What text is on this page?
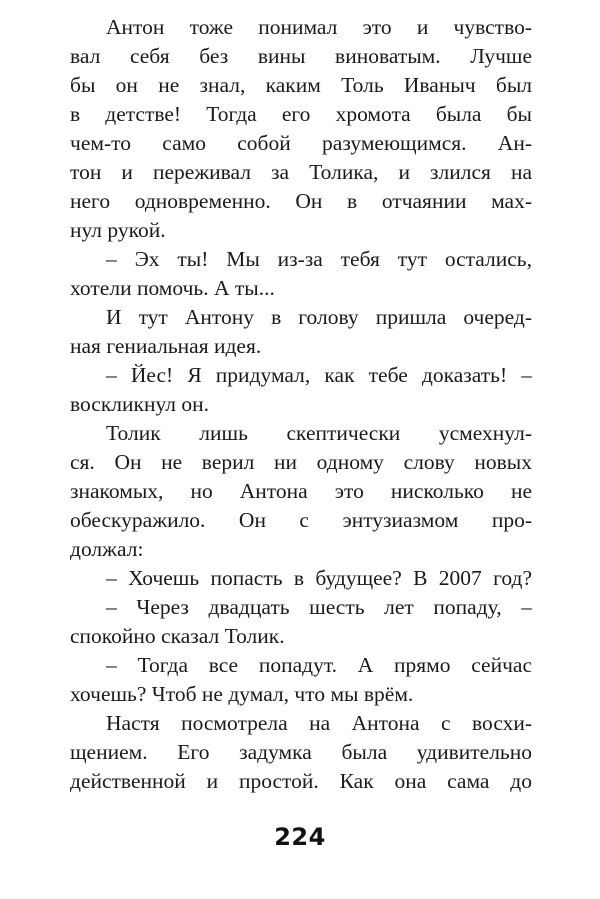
Антон тоже понимал это и чувство-
вал себя без вины виноватым. Лучше
бы он не знал, каким Толь Иваныч был
в детстве! Тогда его хромота была бы
чем-то само собой разумеющимся. Ан-
тон и переживал за Толика, и злился на
него одновременно. Он в отчаянии мах-
нул рукой.
– Эх ты! Мы из-за тебя тут остались,
хотели помочь. А ты...
И тут Антону в голову пришла очеред-
ная гениальная идея.
– Йес! Я придумал, как тебе доказать! –
воскликнул он.
Толик лишь скептически усмехнул-
ся. Он не верил ни одному слову новых
знакомых, но Антона это нисколько не
обескуражило. Он с энтузиазмом про-
должал:
– Хочешь попасть в будущее? В 2007 год?
– Через двадцать шесть лет попаду, –
спокойно сказал Толик.
– Тогда все попадут. А прямо сейчас
хочешь? Чтоб не думал, что мы врём.
Настя посмотрела на Антона с восхи-
щением. Его задумка была удивительно
действенной и простой. Как она сама до
224
